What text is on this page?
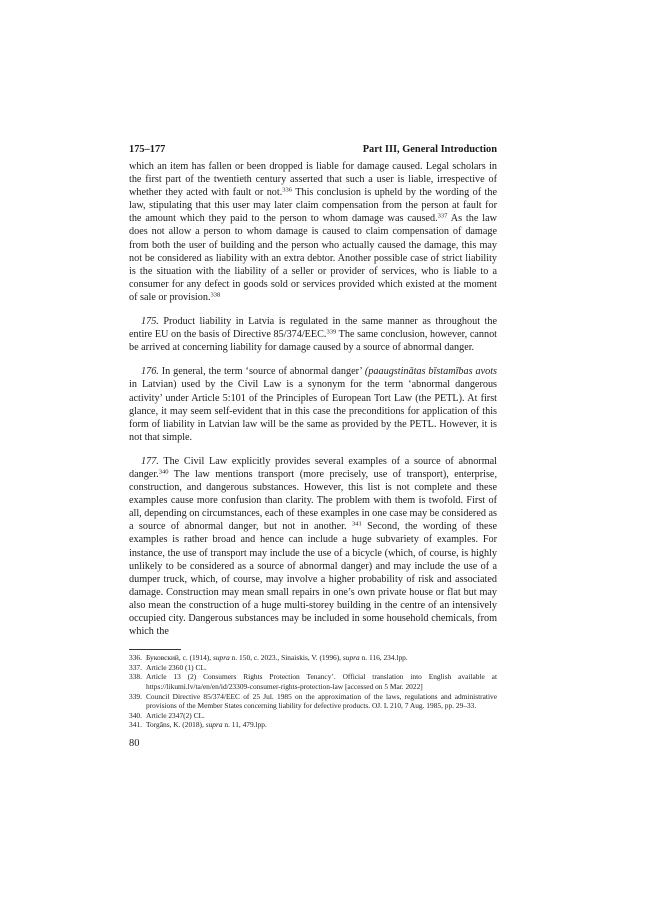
175–177	Part III, General Introduction

which an item has fallen or been dropped is liable for damage caused. Legal scholars in the first part of the twentieth century asserted that such a user is liable, irrespective of whether they acted with fault or not.$^{336}$ This conclusion is upheld by the wording of the law, stipulating that this user may later claim compensation from the person at fault for the amount which they paid to the person to whom damage was caused.$^{337}$ As the law does not allow a person to whom damage is caused to claim compensation of damage from both the user of building and the person who actually caused the damage, this may not be considered as liability with an extra debtor. Another possible case of strict liability is the situation with the liability of a seller or provider of services, who is liable to a consumer for any defect in goods sold or services provided which existed at the moment of sale or provision.$^{338}$

175. Product liability in Latvia is regulated in the same manner as throughout the entire EU on the basis of Directive 85/374/EEC.$^{339}$ The same conclusion, however, cannot be arrived at concerning liability for damage caused by a source of abnormal danger.

176. In general, the term ‘source of abnormal danger’ (paaugstinātas bīstamības avots in Latvian) used by the Civil Law is a synonym for the term ‘abnormal dangerous activity’ under Article 5:101 of the Principles of European Tort Law (the PETL). At first glance, it may seem self-evident that in this case the preconditions for application of this form of liability in Latvian law will be the same as provided by the PETL. However, it is not that simple.

177. The Civil Law explicitly provides several examples of a source of abnormal danger.$^{340}$ The law mentions transport (more precisely, use of transport), enterprise, construction, and dangerous substances. However, this list is not complete and these examples cause more confusion than clarity. The problem with them is twofold. First of all, depending on circumstances, each of these examples in one case may be considered as a source of abnormal danger, but not in another. $^{341}$ Second, the wording of these examples is rather broad and hence can include a huge subvariety of examples. For instance, the use of transport may include the use of a bicycle (which, of course, is highly unlikely to be considered as a source of abnormal danger) and may include the use of a dumper truck, which, of course, may involve a higher probability of risk and associated damage. Construction may mean small repairs in one’s own private house or flat but may also mean the construction of a huge multi-storey building in the centre of an intensively occupied city. Dangerous substances may be included in some household chemicals, from which the

336. Буковский, с. (1914), supra n. 150, с. 2023., Sinaiskis, V. (1996), supra n. 116, 234.lpp.
337. Article 2360 (1) CL.
338. Article 13 (2) Consumers Rights Protection Tenancy’. Official translation into English available at https://likumi.lv/ta/en/en/id/23309-consumer-rights-protection-law [accessed on 5 Mar. 2022]
339. Council Directive 85/374/EEC of 25 Jul. 1985 on the approximation of the laws, regulations and administrative provisions of the Member States concerning liability for defective products. OJ. L 210, 7 Aug. 1985, pp. 29–33.
340. Article 2347(2) CL.
341. Torgāns, K. (2018), supra n. 11, 479.lpp.
80
